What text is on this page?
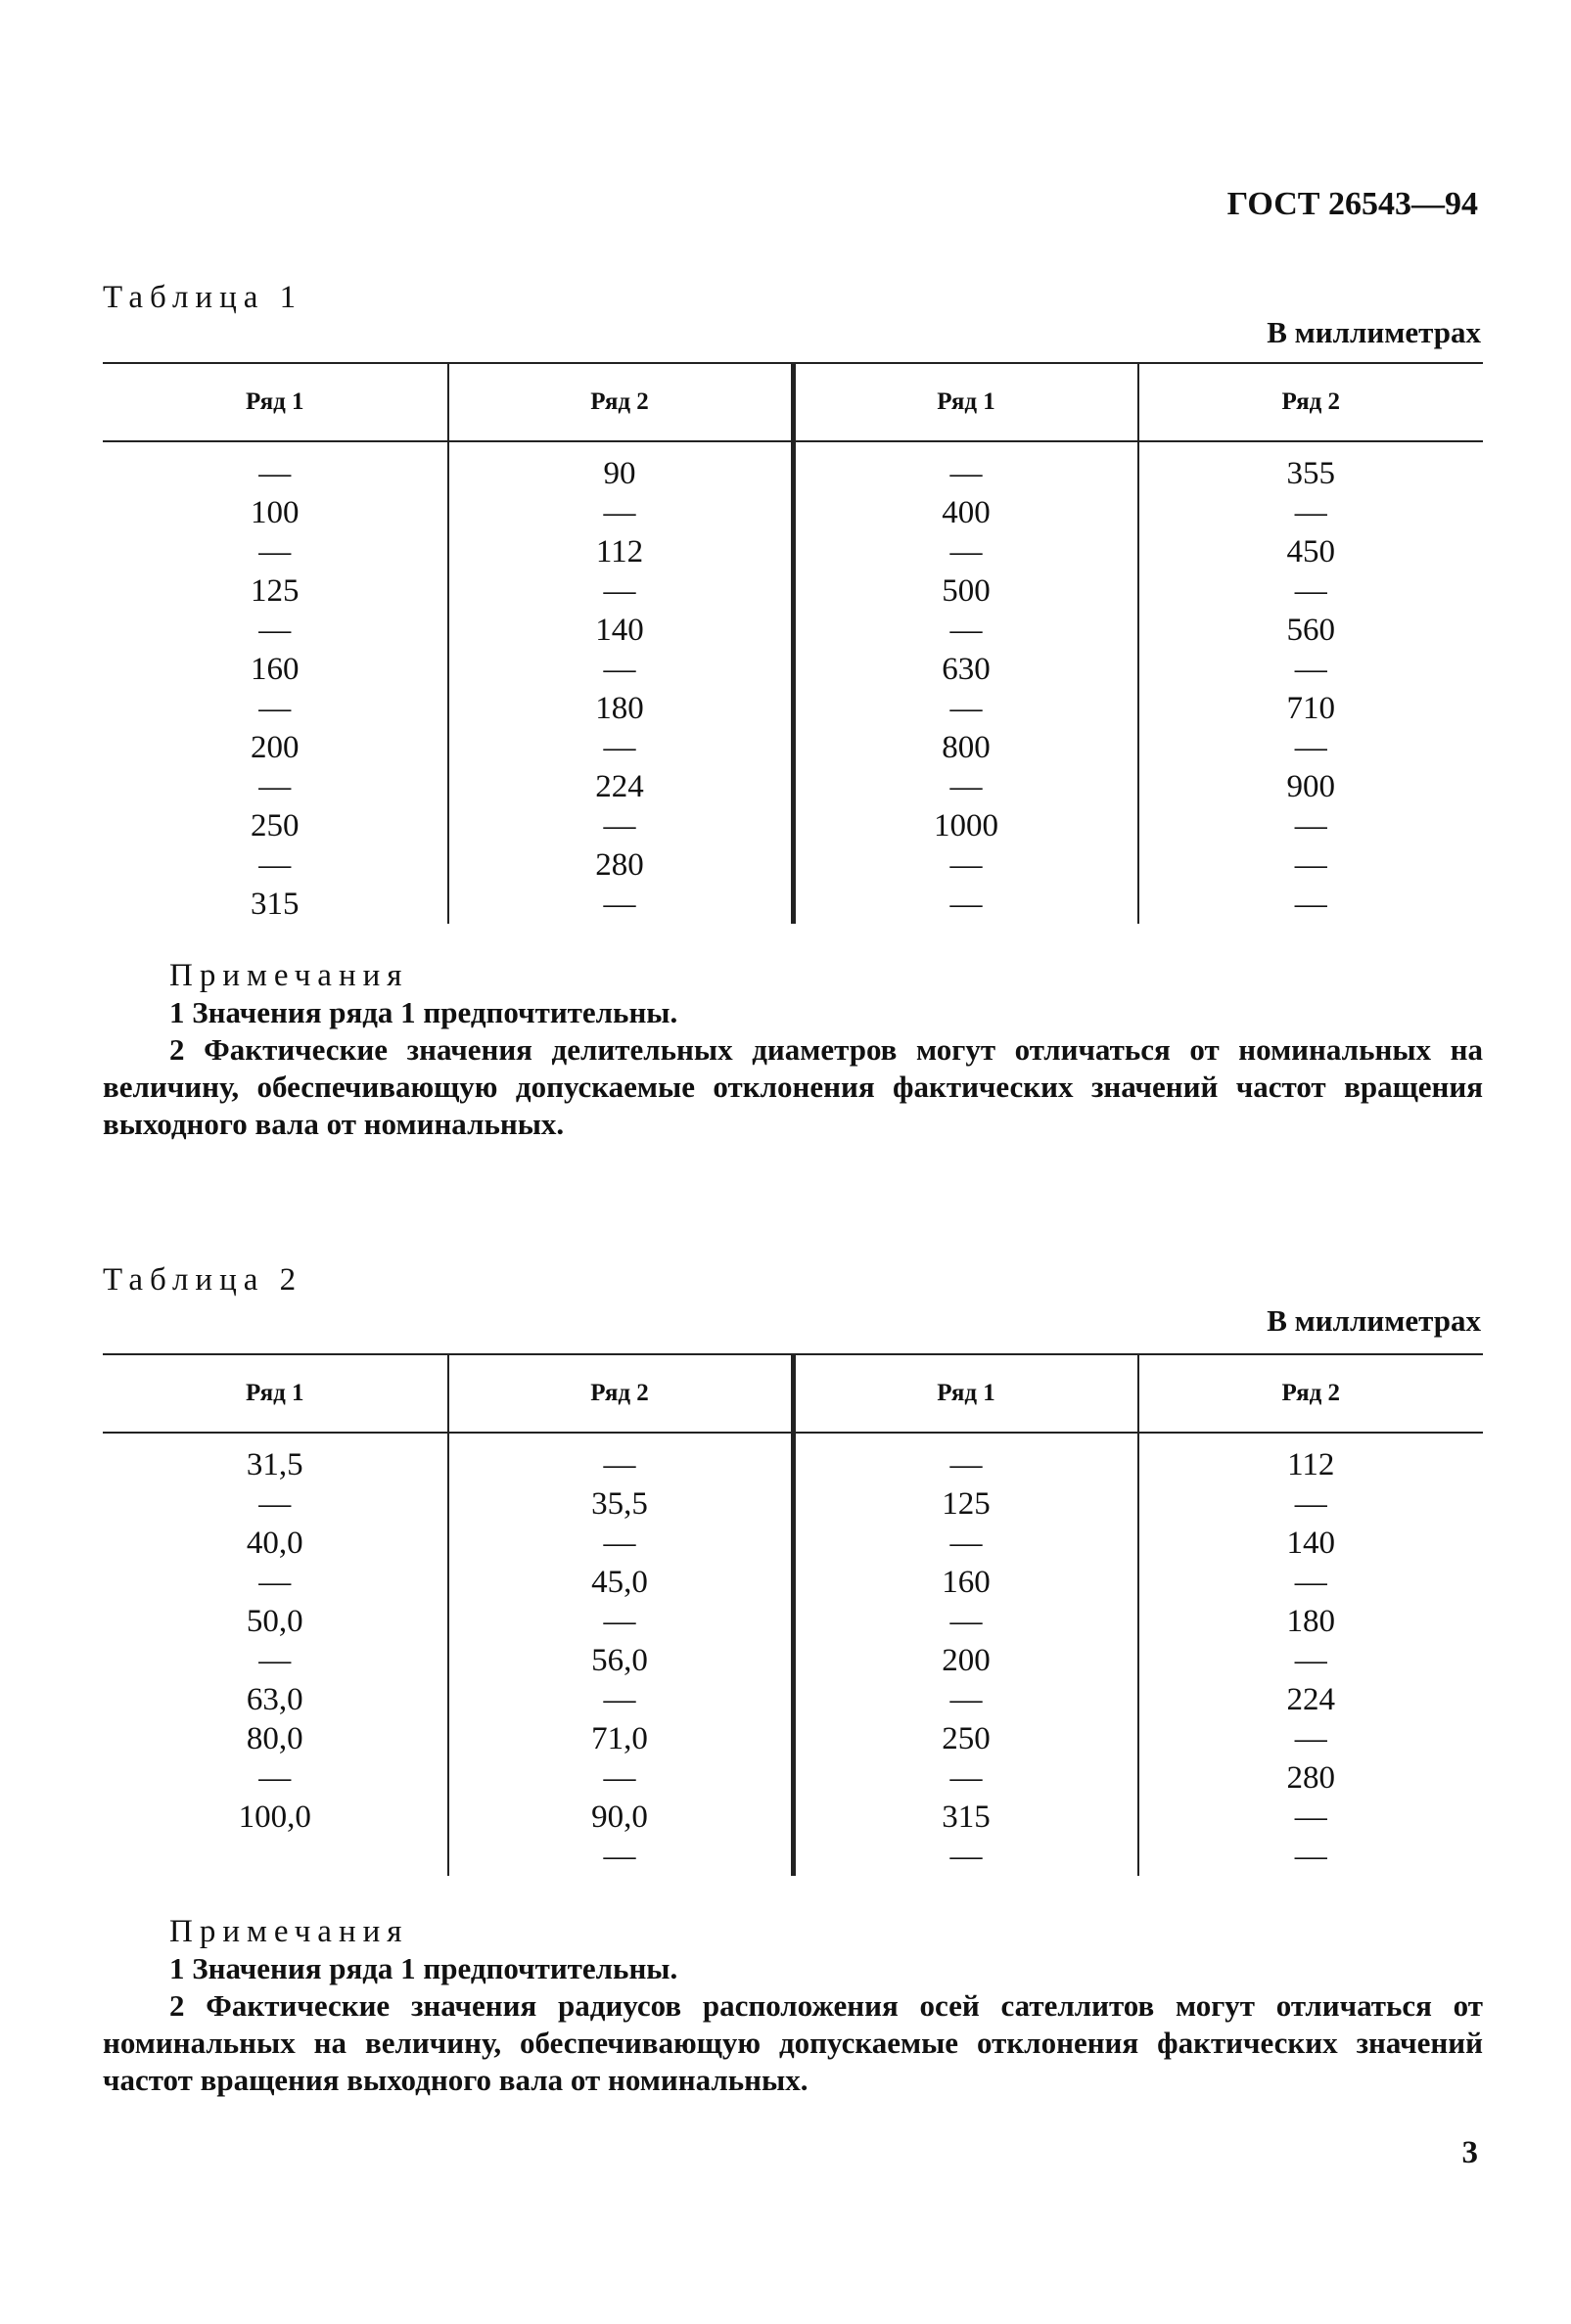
ГОСТ 26543—94
Таблица 1
В миллиметрах
Ряд 1	Ряд 2	Ряд 1	Ряд 2
—	90	—	355
100	—	400	—
—	112	—	450
125	—	500	—
—	140	—	560
160	—	630	—
—	180	—	710
200	—	800	—
—	224	—	900
250	—	1000	—
—	280	—	—
315	—	—	—
Примечания
1 Значения ряда 1 предпочтительны.
2 Фактические значения делительных диаметров могут отличаться от номинальных на величину, обеспечивающую допускаемые отклонения фактических значений частот вращения выходного вала от номинальных.
Таблица 2
В миллиметрах
Ряд 1	Ряд 2	Ряд 1	Ряд 2
31,5	—	—	112
—	35,5	125	—
40,0	—	—	140
—	45,0	160	—
50,0	—	—	180
—	56,0	200	—
63,0	—	—	224
80,0	71,0	250	—
—	—	—	280
100,0	90,0	315	—
	—	—	—
Примечания
1 Значения ряда 1 предпочтительны.
2 Фактические значения радиусов расположения осей сателлитов могут отличаться от номинальных на величину, обеспечивающую допускаемые отклонения фактических значений частот вращения выходного вала от номинальных.
3
